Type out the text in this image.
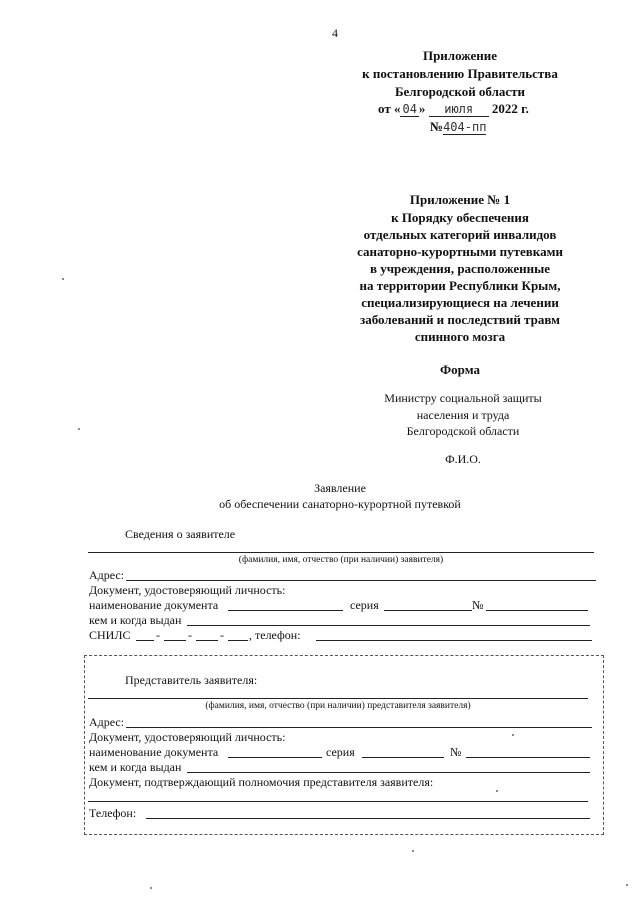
4
Приложение
к постановлению Правительства
Белгородской области
от « 04 » июля 2022 г.
№404-пп
Приложение № 1
к Порядку обеспечения
отдельных категорий инвалидов
санаторно-курортными путевками
в учреждения, расположенные
на территории Республики Крым,
специализирующиеся на лечении
заболеваний и последствий травм
спинного мозга
Форма
Министру социальной защиты
населения и труда
Белгородской области
Ф.И.О.
Заявление
об обеспечении санаторно-курортной путевкой
Сведения о заявителе
(фамилия, имя, отчество (при наличии) заявителя)
Адрес:
Документ, удостоверяющий личность:
наименование документа	серия	№
кем и когда выдан
СНИЛС - - - , телефон:
Представитель заявителя:
(фамилия, имя, отчество (при наличии) представителя заявителя)
Адрес:
Документ, удостоверяющий личность:
наименование документа	серия	№
кем и когда выдан
Документ, подтверждающий полномочия представителя заявителя:
Телефон:
